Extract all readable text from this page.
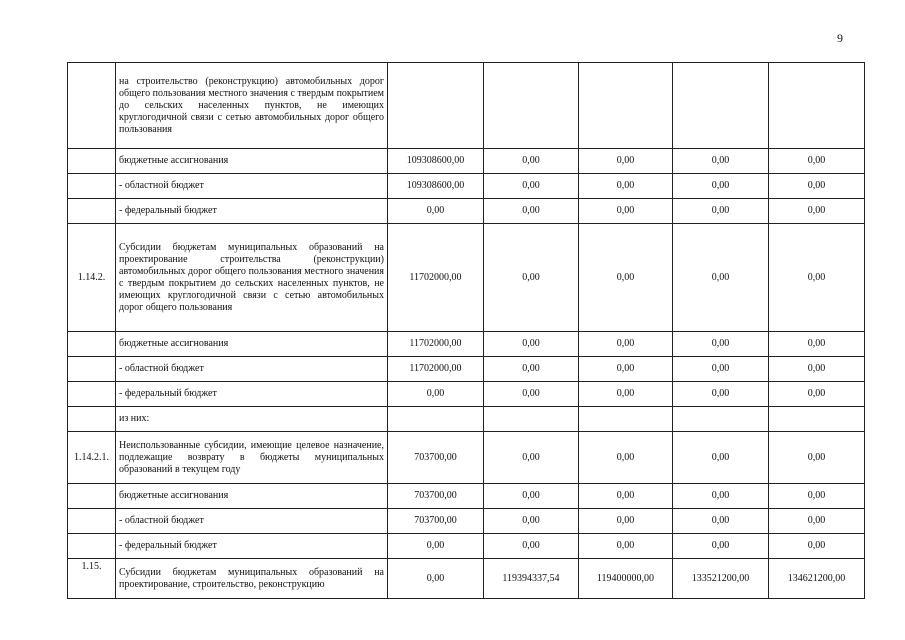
9
	на строительство (реконструкцию) автомобильных дорог общего пользования местного значения с твердым покрытием до сельских населенных пунктов, не имеющих круглогодичной связи с сетью автомобильных дорог общего пользования					
	бюджетные ассигнования	109308600,00	0,00	0,00	0,00	0,00
	- областной бюджет	109308600,00	0,00	0,00	0,00	0,00
	- федеральный бюджет	0,00	0,00	0,00	0,00	0,00
1.14.2.	Субсидии бюджетам муниципальных образований на проектирование строительства (реконструкции) автомобильных дорог общего пользования местного значения с твердым покрытием до сельских населенных пунктов, не имеющих круглогодичной связи с сетью автомобильных дорог общего пользования	11702000,00	0,00	0,00	0,00	0,00
	бюджетные ассигнования	11702000,00	0,00	0,00	0,00	0,00
	- областной бюджет	11702000,00	0,00	0,00	0,00	0,00
	- федеральный бюджет	0,00	0,00	0,00	0,00	0,00
	из них:					
1.14.2.1.	Неиспользованные субсидии, имеющие целевое назначение, подлежащие возврату в бюджеты муниципальных образований в текущем году	703700,00	0,00	0,00	0,00	0,00
	бюджетные ассигнования	703700,00	0,00	0,00	0,00	0,00
	- областной бюджет	703700,00	0,00	0,00	0,00	0,00
	- федеральный бюджет	0,00	0,00	0,00	0,00	0,00
1.15.	Субсидии бюджетам муниципальных образований на проектирование, строительство, реконструкцию	0,00	119394337,54	119400000,00	133521200,00	134621200,00
